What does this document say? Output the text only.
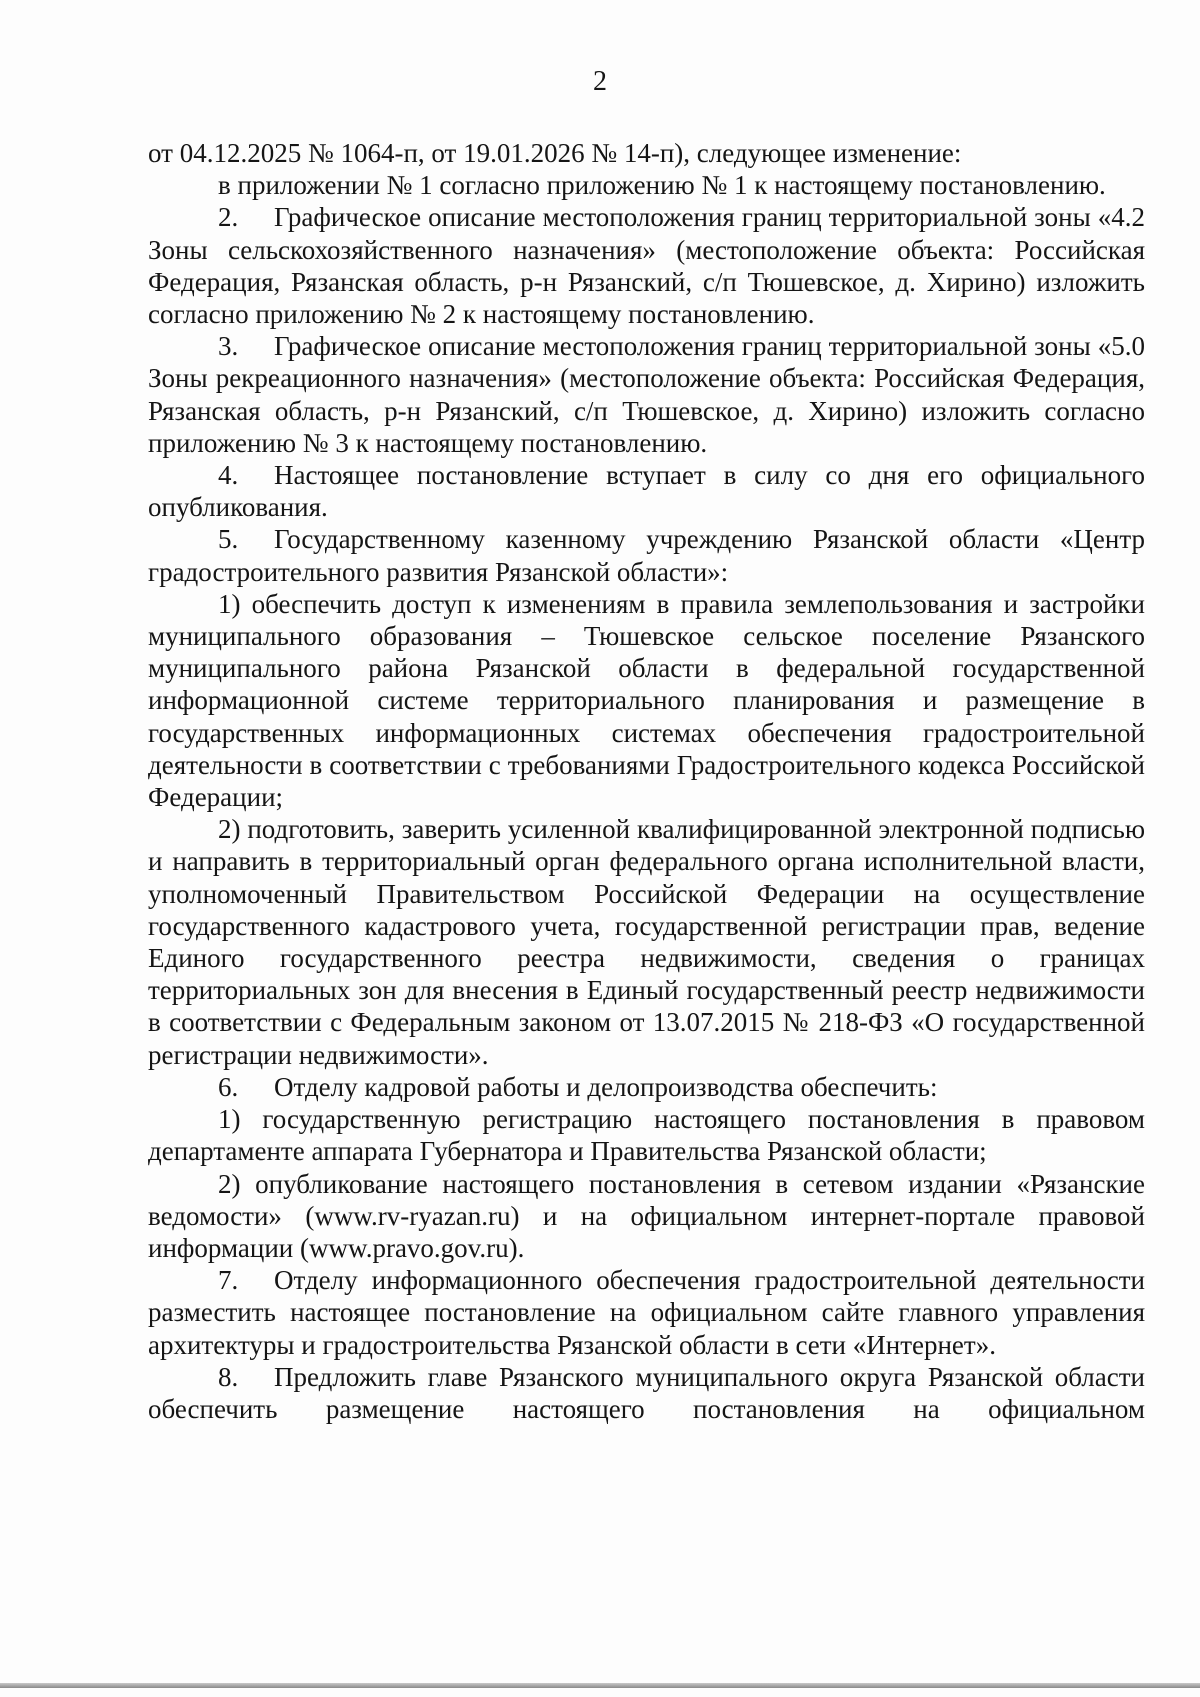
2

от 04.12.2025 № 1064-п, от 19.01.2026 № 14-п), следующее изменение:

в приложении № 1 согласно приложению № 1 к настоящему постановлению.

2. Графическое описание местоположения границ территориальной зоны «4.2 Зоны сельскохозяйственного назначения» (местоположение объекта: Российская Федерация, Рязанская область, р-н Рязанский, с/п Тюшевское, д. Хирино) изложить согласно приложению № 2 к настоящему постановлению.

3. Графическое описание местоположения границ территориальной зоны «5.0 Зоны рекреационного назначения» (местоположение объекта: Российская Федерация, Рязанская область, р-н Рязанский, с/п Тюшевское, д. Хирино) изложить согласно приложению № 3 к настоящему постановлению.

4. Настоящее постановление вступает в силу со дня его официального опубликования.

5. Государственному казенному учреждению Рязанской области «Центр градостроительного развития Рязанской области»:

1) обеспечить доступ к изменениям в правила землепользования и застройки муниципального образования – Тюшевское сельское поселение Рязанского муниципального района Рязанской области в федеральной государственной информационной системе территориального планирования и размещение в государственных информационных системах обеспечения градостроительной деятельности в соответствии с требованиями Градостроительного кодекса Российской Федерации;

2) подготовить, заверить усиленной квалифицированной электронной подписью и направить в территориальный орган федерального органа исполнительной власти, уполномоченный Правительством Российской Федерации на осуществление государственного кадастрового учета, государственной регистрации прав, ведение Единого государственного реестра недвижимости, сведения о границах территориальных зон для внесения в Единый государственный реестр недвижимости в соответствии с Федеральным законом от 13.07.2015 № 218-ФЗ «О государственной регистрации недвижимости».

6. Отделу кадровой работы и делопроизводства обеспечить:

1) государственную регистрацию настоящего постановления в правовом департаменте аппарата Губернатора и Правительства Рязанской области;

2) опубликование настоящего постановления в сетевом издании «Рязанские ведомости» (www.rv-ryazan.ru) и на официальном интернет-портале правовой информации (www.pravo.gov.ru).

7. Отделу информационного обеспечения градостроительной деятельности разместить настоящее постановление на официальном сайте главного управления архитектуры и градостроительства Рязанской области в сети «Интернет».

8. Предложить главе Рязанского муниципального округа Рязанской области обеспечить размещение настоящего постановления на официальном
